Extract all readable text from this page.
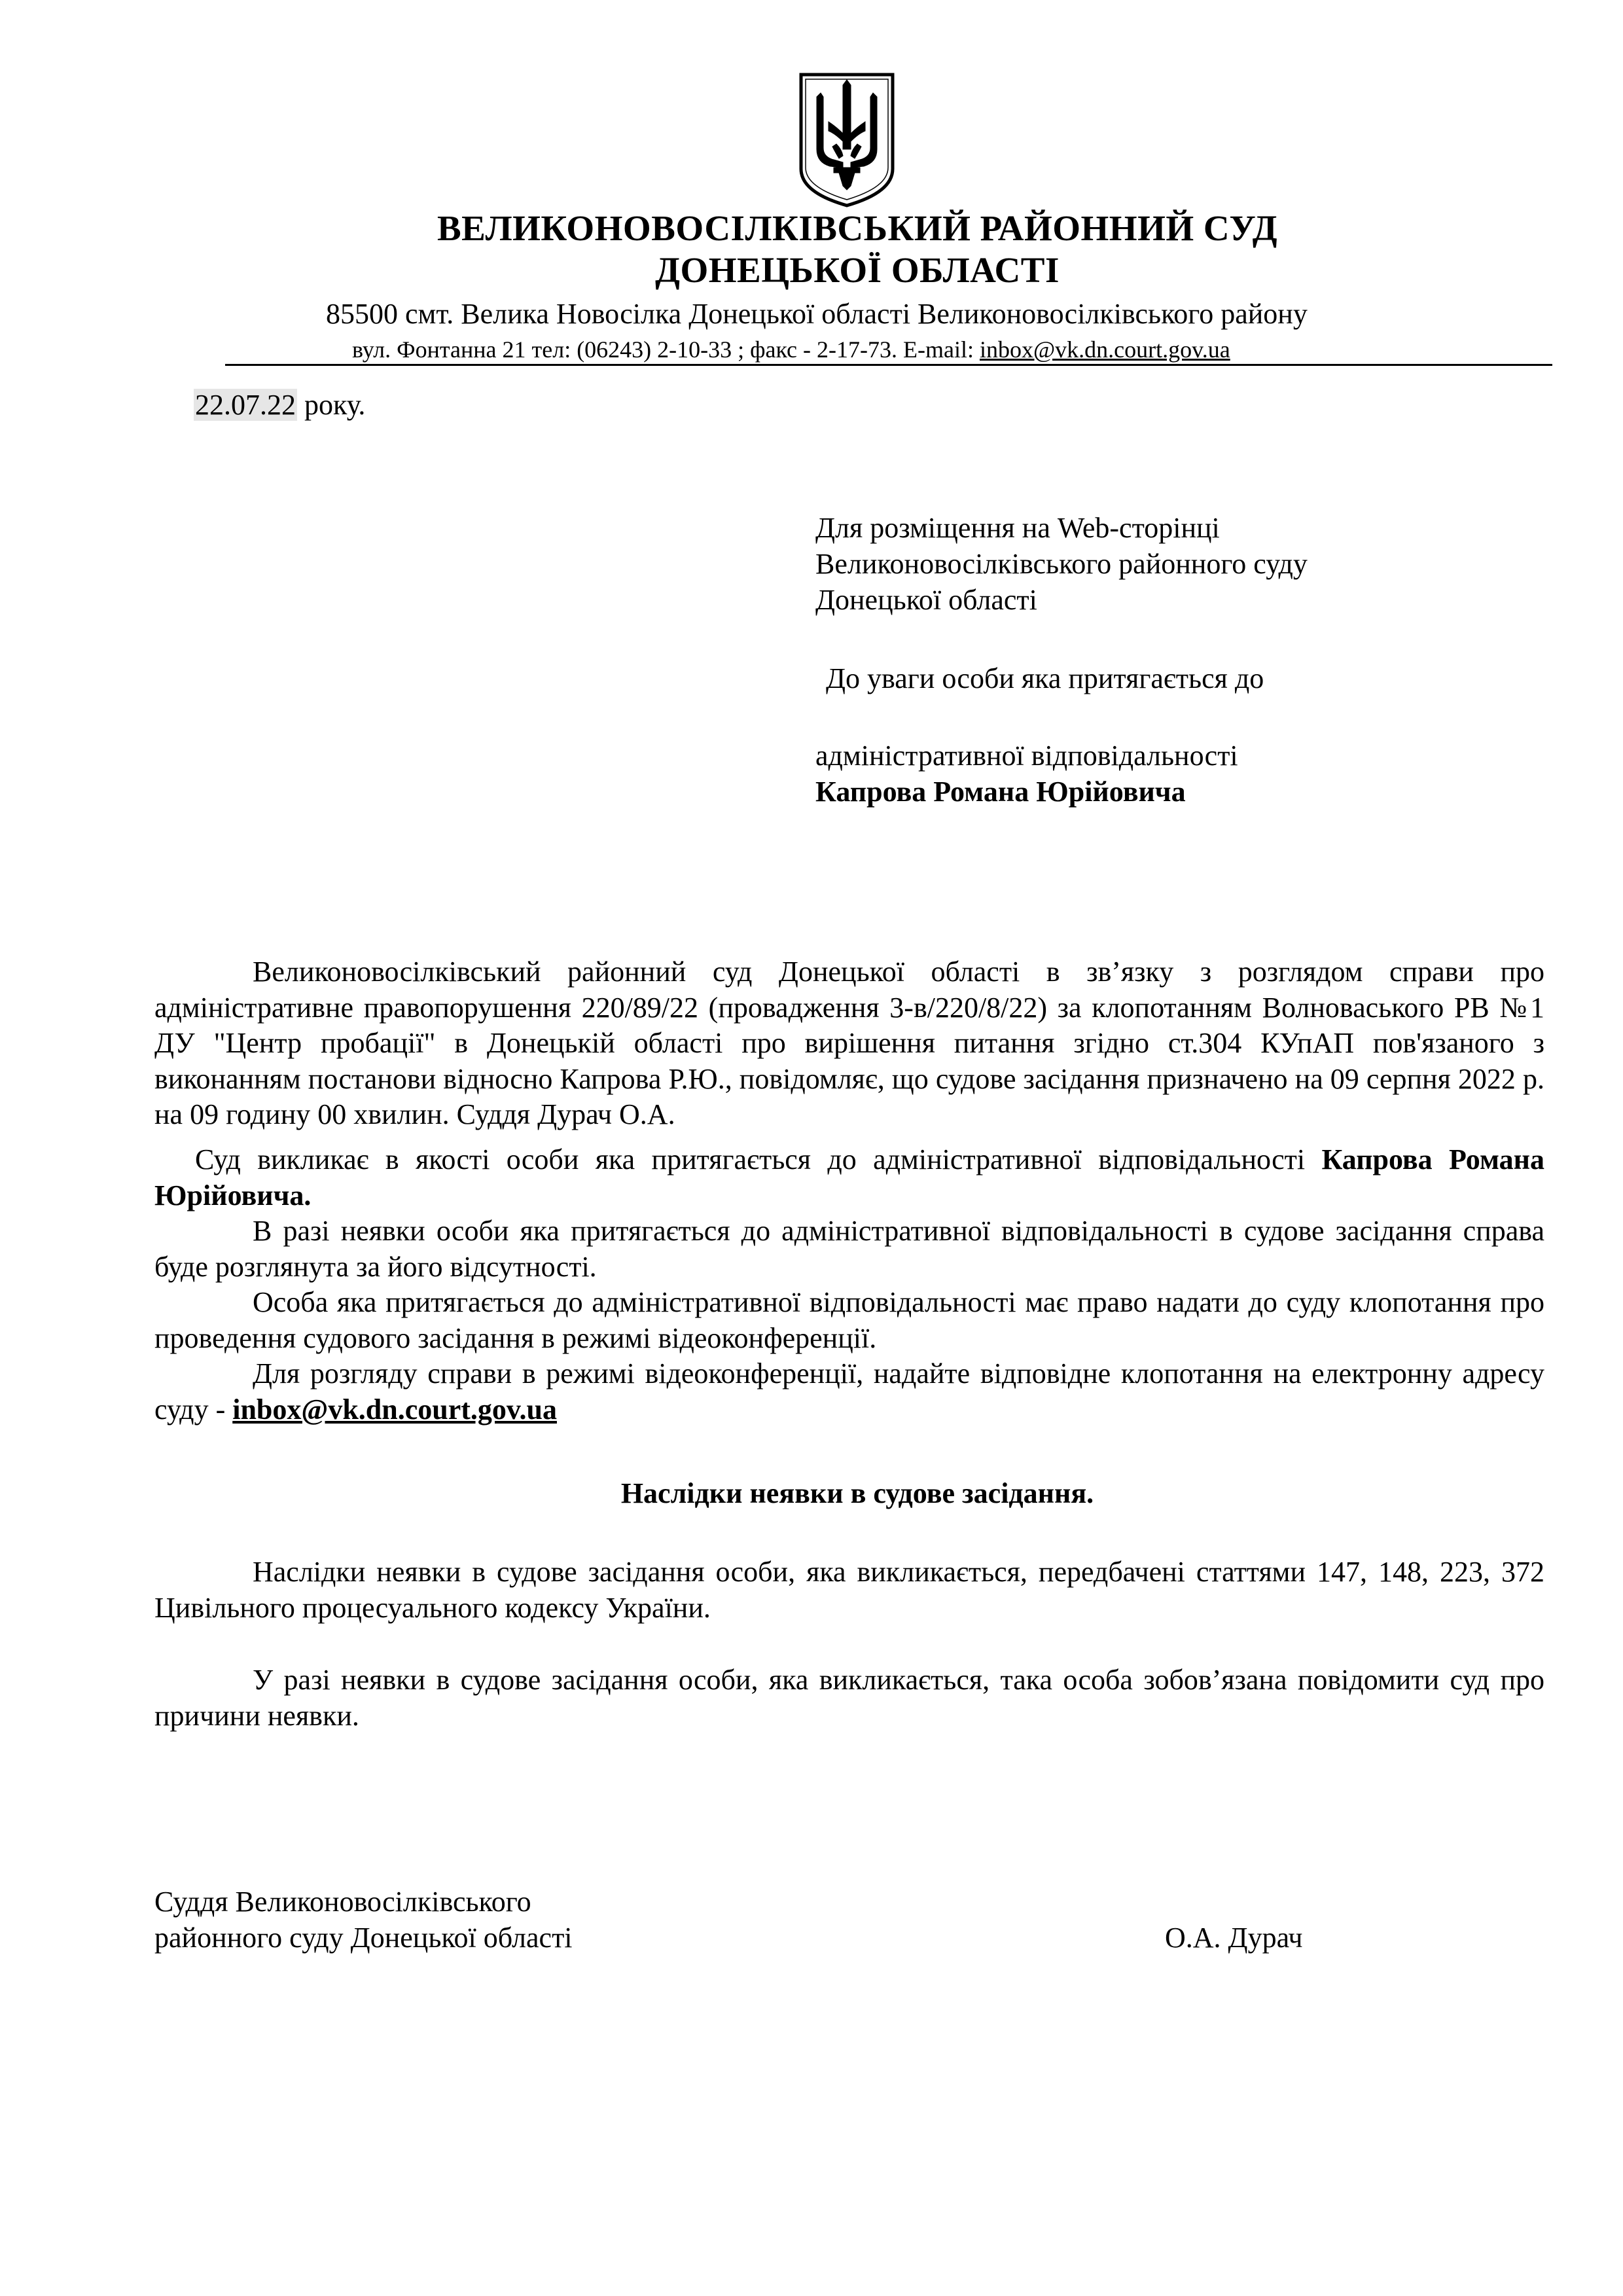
ВЕЛИКОНОВОСІЛКІВСЬКИЙ РАЙОННИЙ СУД
ДОНЕЦЬКОЇ ОБЛАСТІ
85500 смт. Велика Новосілка Донецької області Великоновосілківського району
вул. Фонтанна 21 тел: (06243) 2-10-33 ; факс - 2-17-73. E-mail: inbox@vk.dn.court.gov.ua
22.07.22 року.
Для розміщення на Web-сторінці
Великоновосілківського районного суду
Донецької області
До уваги особи яка притягається до
адміністративної відповідальності
Капрова Романа Юрійовича

Великоновосілківський районний суд Донецької області в зв’язку з розглядом справи про адміністративне правопорушення 220/89/22 (провадження 3-в/220/8/22) за клопотанням Волноваського РВ №1 ДУ "Центр пробації" в Донецькій області про вирішення питання згідно ст.304 КУпАП пов'язаного з виконанням постанови відносно Капрова Р.Ю., повідомляє, що судове засідання призначено на 09 серпня 2022 р. на 09 годину 00 хвилин. Суддя Дурач О.А.

Суд викликає в якості особи яка притягається до адміністративної відповідальності Капрова Романа Юрійовича.

В разі неявки особи яка притягається до адміністративної відповідальності в судове засідання справа буде розглянута за його відсутності.

Особа яка притягається до адміністративної відповідальності має право надати до суду клопотання про проведення судового засідання в режимі відеоконференції.

Для розгляду справи в режимі відеоконференції, надайте відповідне клопотання на електронну адресу суду - inbox@vk.dn.court.gov.ua

Наслідки неявки в судове засідання.

Наслідки неявки в судове засідання особи, яка викликається, передбачені статтями 147, 148, 223, 372 Цивільного процесуального кодексу України.

У разі неявки в судове засідання особи, яка викликається, така особа зобов’язана повідомити суд про причини неявки.

Суддя Великоновосілківського
районного суду Донецької області	О.А. Дурач
